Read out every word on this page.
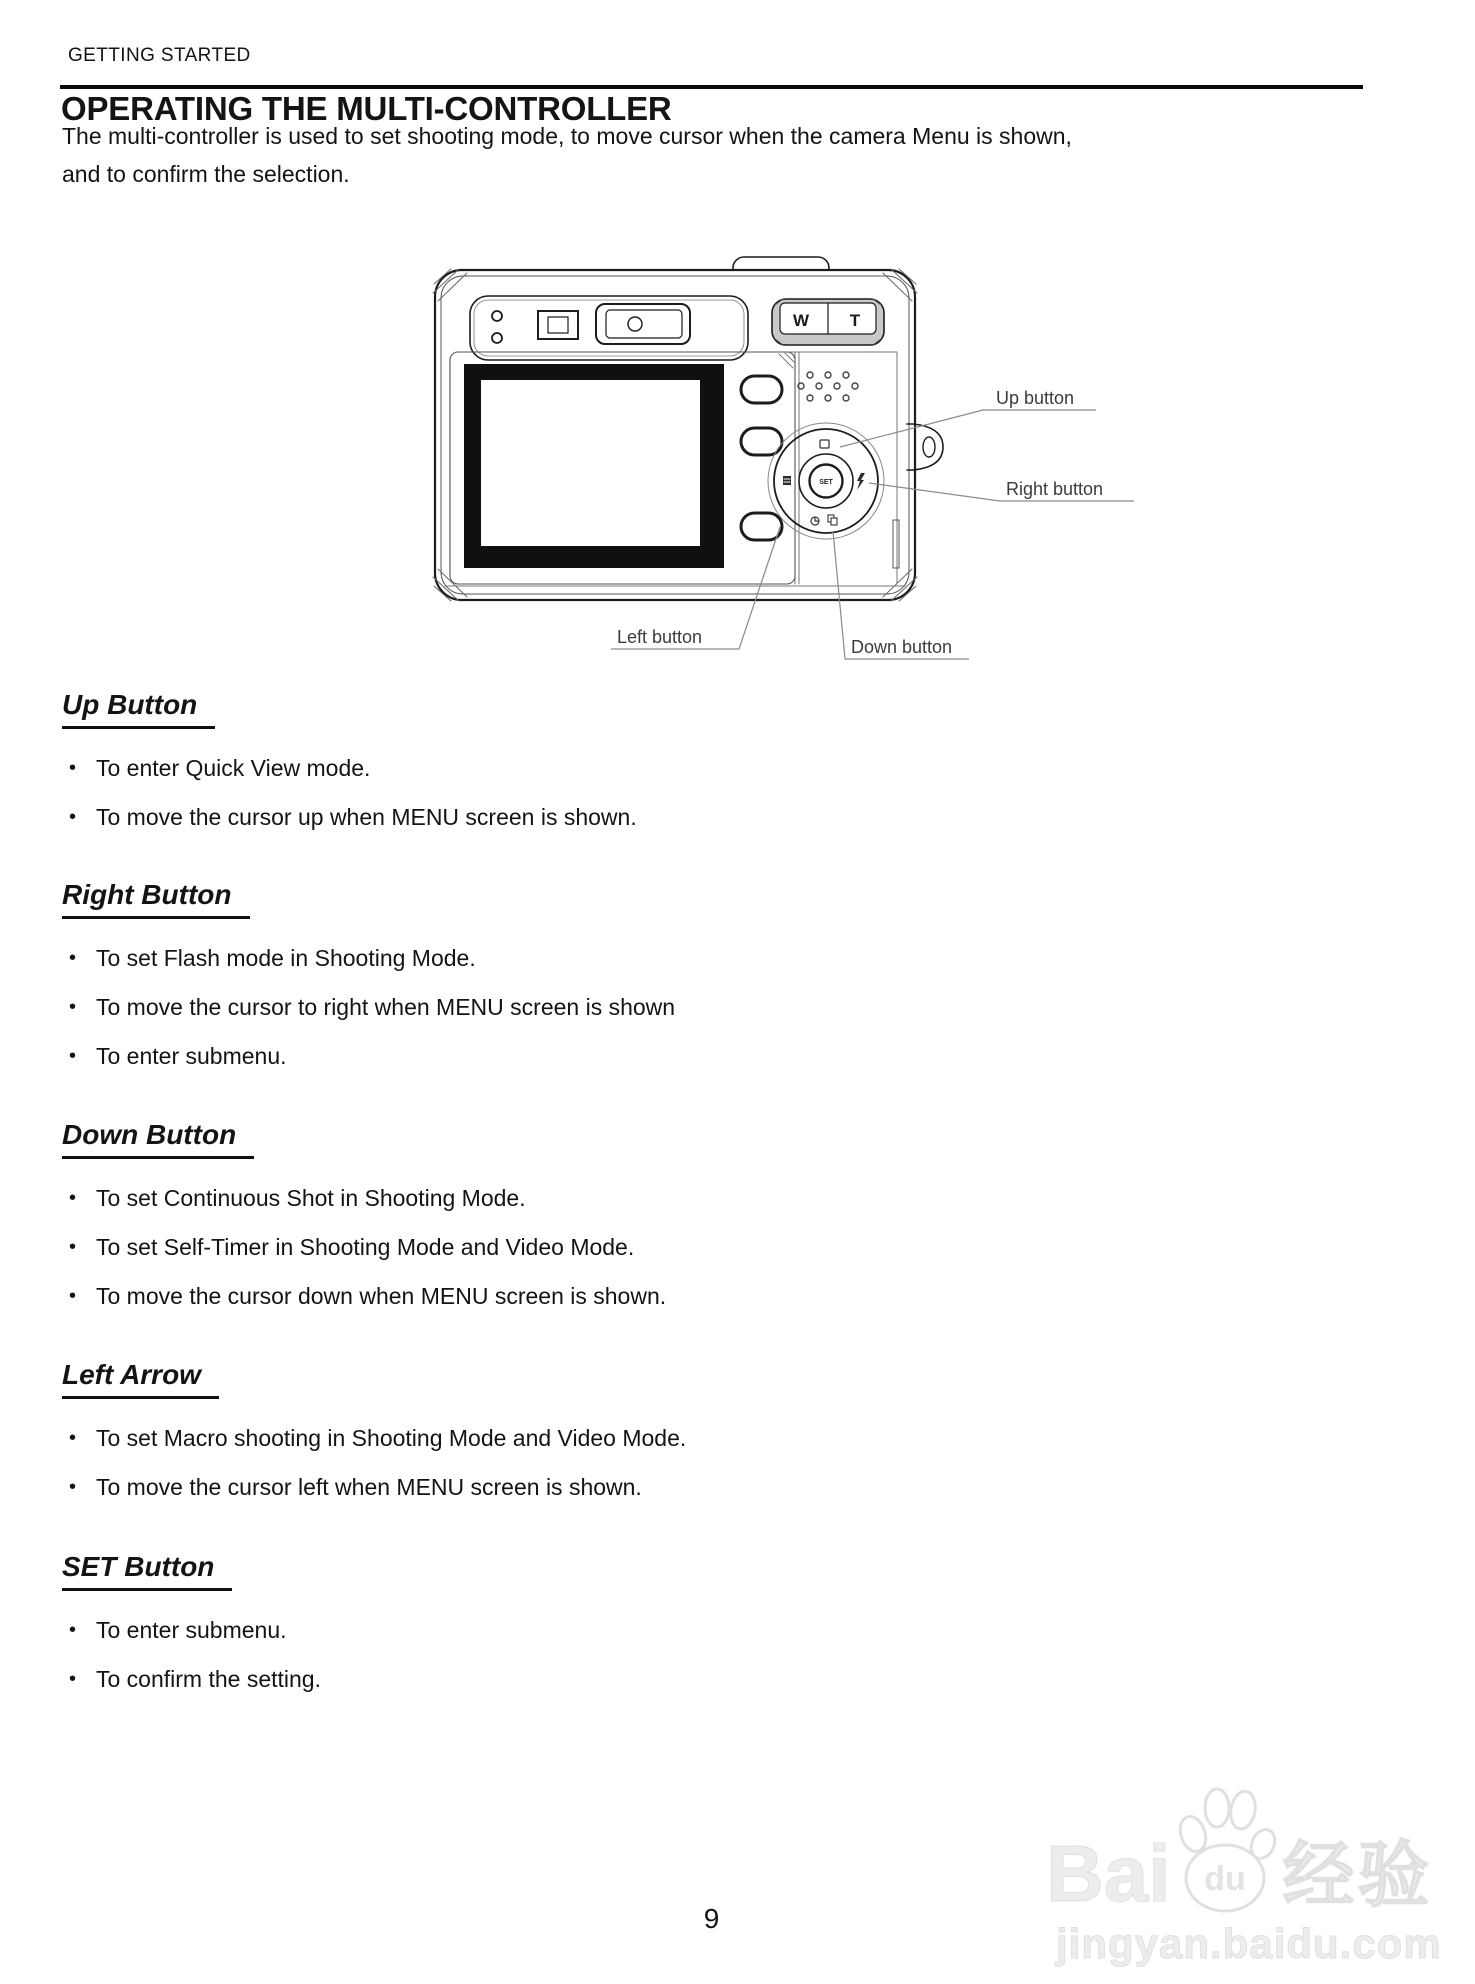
GETTING STARTED
OPERATING THE MULTI-CONTROLLER

The multi-controller is used to set shooting mode, to move cursor when the camera Menu is shown,
and to confirm the selection.

Up button
Right button
Left button	Down button
W T
SET
Up Button
• To enter Quick View mode.
• To move the cursor up when MENU screen is shown.
Right Button
• To set Flash mode in Shooting Mode.
• To move the cursor to right when MENU screen is shown
• To enter submenu.
Down Button
• To set Continuous Shot in Shooting Mode.
• To set Self-Timer in Shooting Mode and Video Mode.
• To move the cursor down when MENU screen is shown.
Left Arrow
• To set Macro shooting in Shooting Mode and Video Mode.
• To move the cursor left when MENU screen is shown.
SET Button
• To enter submenu.
• To confirm the setting.
Bai du 经验
jingyan.baidu.com
9
